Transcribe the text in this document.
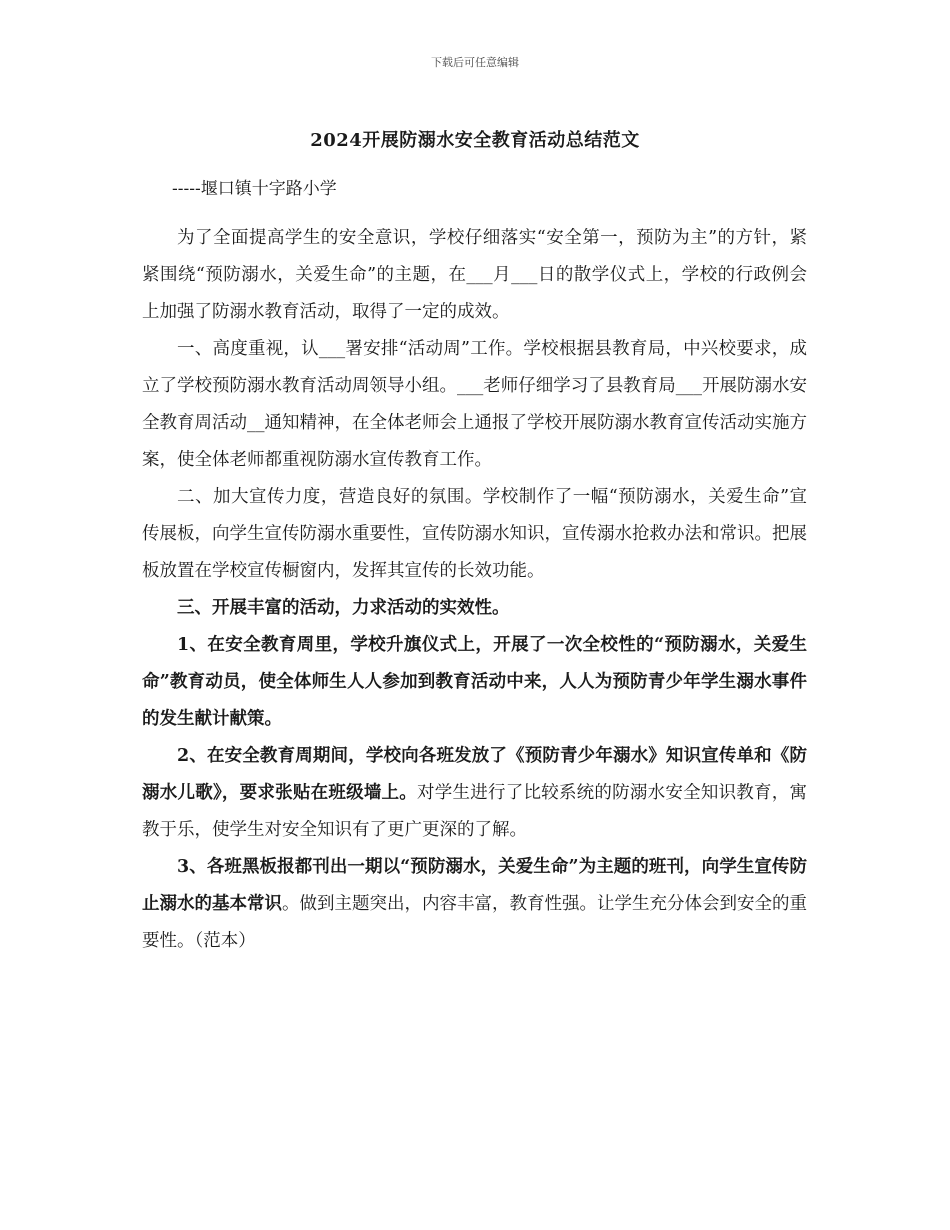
下载后可任意编辑
2024开展防溺水安全教育活动总结范文
-----堰口镇十字路小学

为了全面提高学生的安全意识，学校仔细落实“安全第一，预防为主”的方针，紧紧围绕“预防溺水，关爱生命”的主题，在___月___日的散学仪式上，学校的行政例会上加强了防溺水教育活动，取得了一定的成效。

一、高度重视，认___署安排“活动周”工作。学校根据县教育局，中兴校要求，成立了学校预防溺水教育活动周领导小组。___老师仔细学习了县教育局___开展防溺水安全教育周活动__通知精神，在全体老师会上通报了学校开展防溺水教育宣传活动实施方案，使全体老师都重视防溺水宣传教育工作。

二、加大宣传力度，营造良好的氛围。学校制作了一幅“预防溺水，关爱生命”宣传展板，向学生宣传防溺水重要性，宣传防溺水知识，宣传溺水抢救办法和常识。把展板放置在学校宣传橱窗内，发挥其宣传的长效功能。

三、开展丰富的活动，力求活动的实效性。

1、在安全教育周里，学校升旗仪式上，开展了一次全校性的“预防溺水，关爱生命”教育动员，使全体师生人人参加到教育活动中来，人人为预防青少年学生溺水事件的发生献计献策。

2、在安全教育周期间，学校向各班发放了《预防青少年溺水》知识宣传单和《防溺水儿歌》，要求张贴在班级墙上。对学生进行了比较系统的防溺水安全知识教育，寓教于乐，使学生对安全知识有了更广更深的了解。

3、各班黑板报都刊出一期以“预防溺水，关爱生命”为主题的班刊，向学生宣传防止溺水的基本常识。做到主题突出，内容丰富，教育性强。让学生充分体会到安全的重要性。（范本）
